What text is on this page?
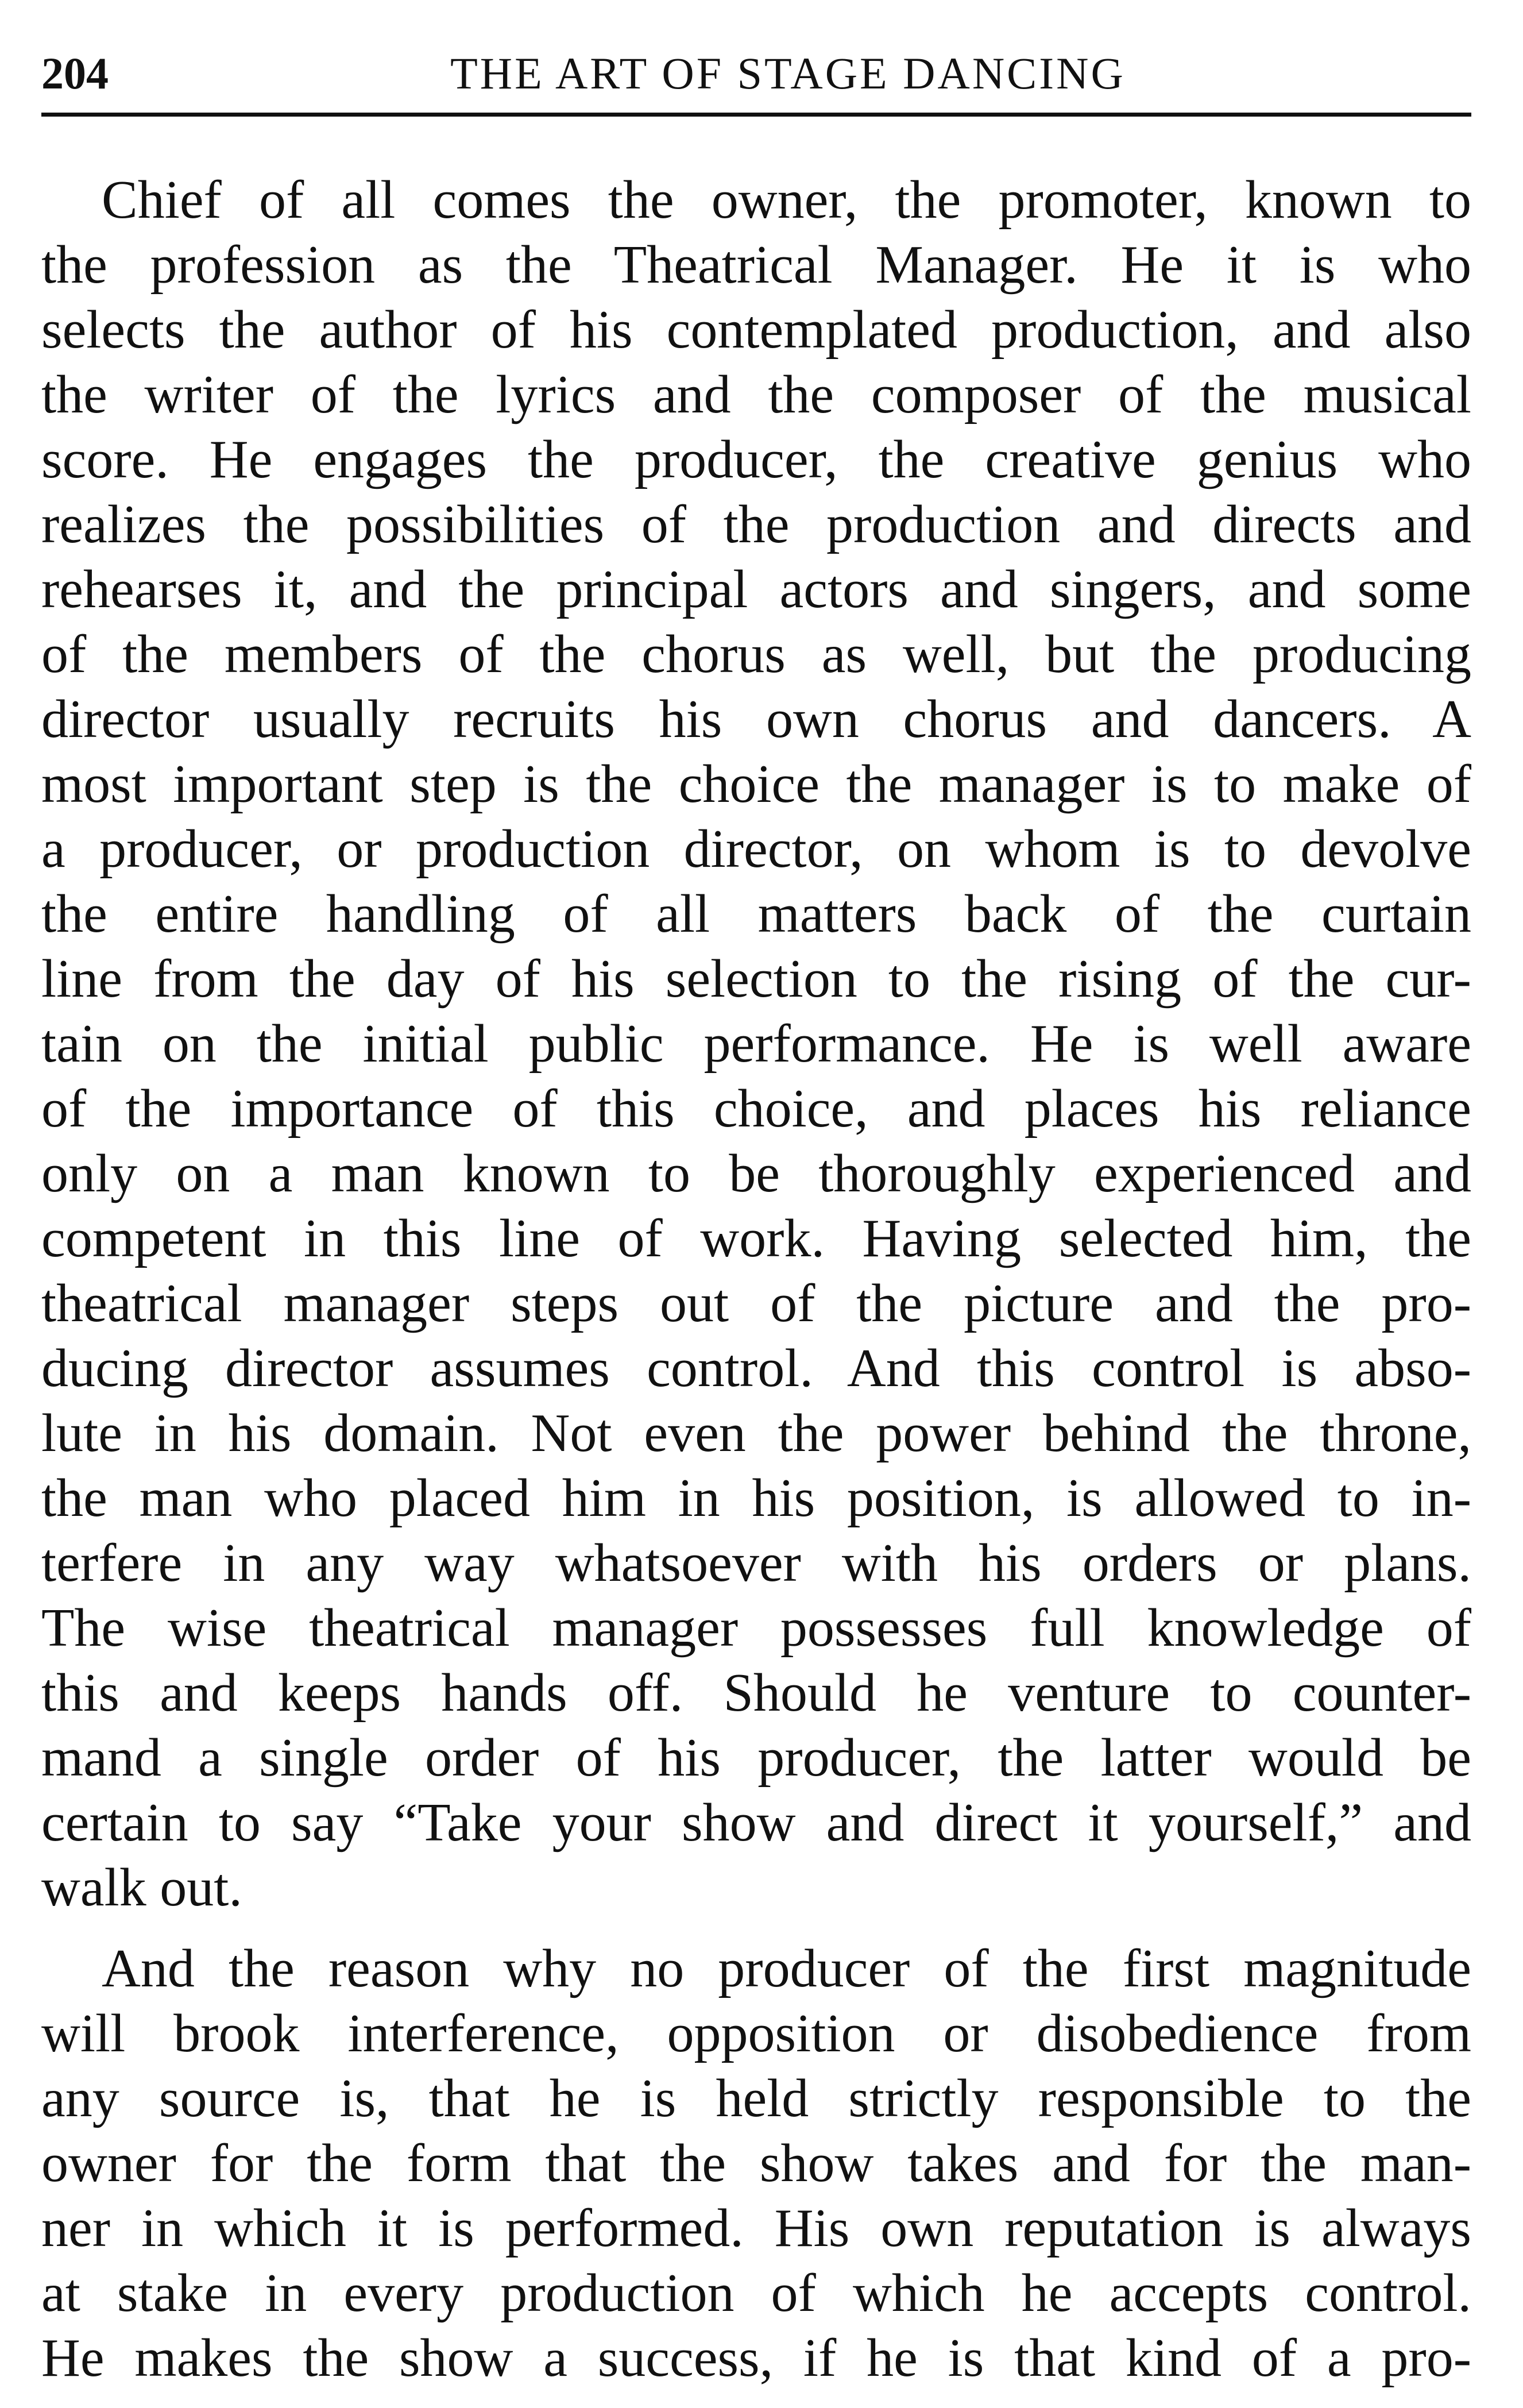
204	THE ART OF STAGE DANCING
Chief of all comes the owner, the promoter, known to
the profession as the Theatrical Manager. He it is who
selects the author of his contemplated production, and also
the writer of the lyrics and the composer of the musical
score. He engages the producer, the creative genius who
realizes the possibilities of the production and directs and
rehearses it, and the principal actors and singers, and some
of the members of the chorus as well, but the producing
director usually recruits his own chorus and dancers. A
most important step is the choice the manager is to make of
a producer, or production director, on whom is to devolve
the entire handling of all matters back of the curtain
line from the day of his selection to the rising of the cur-
tain on the initial public performance. He is well aware
of the importance of this choice, and places his reliance
only on a man known to be thoroughly experienced and
competent in this line of work. Having selected him, the
theatrical manager steps out of the picture and the pro-
ducing director assumes control. And this control is abso-
lute in his domain. Not even the power behind the throne,
the man who placed him in his position, is allowed to in-
terfere in any way whatsoever with his orders or plans.
The wise theatrical manager possesses full knowledge of
this and keeps hands off. Should he venture to counter-
mand a single order of his producer, the latter would be
certain to say “Take your show and direct it yourself,” and
walk out.
And the reason why no producer of the first magnitude
will brook interference, opposition or disobedience from
any source is, that he is held strictly responsible to the
owner for the form that the show takes and for the man-
ner in which it is performed. His own reputation is always
at stake in every production of which he accepts control.
He makes the show a success, if he is that kind of a pro-
